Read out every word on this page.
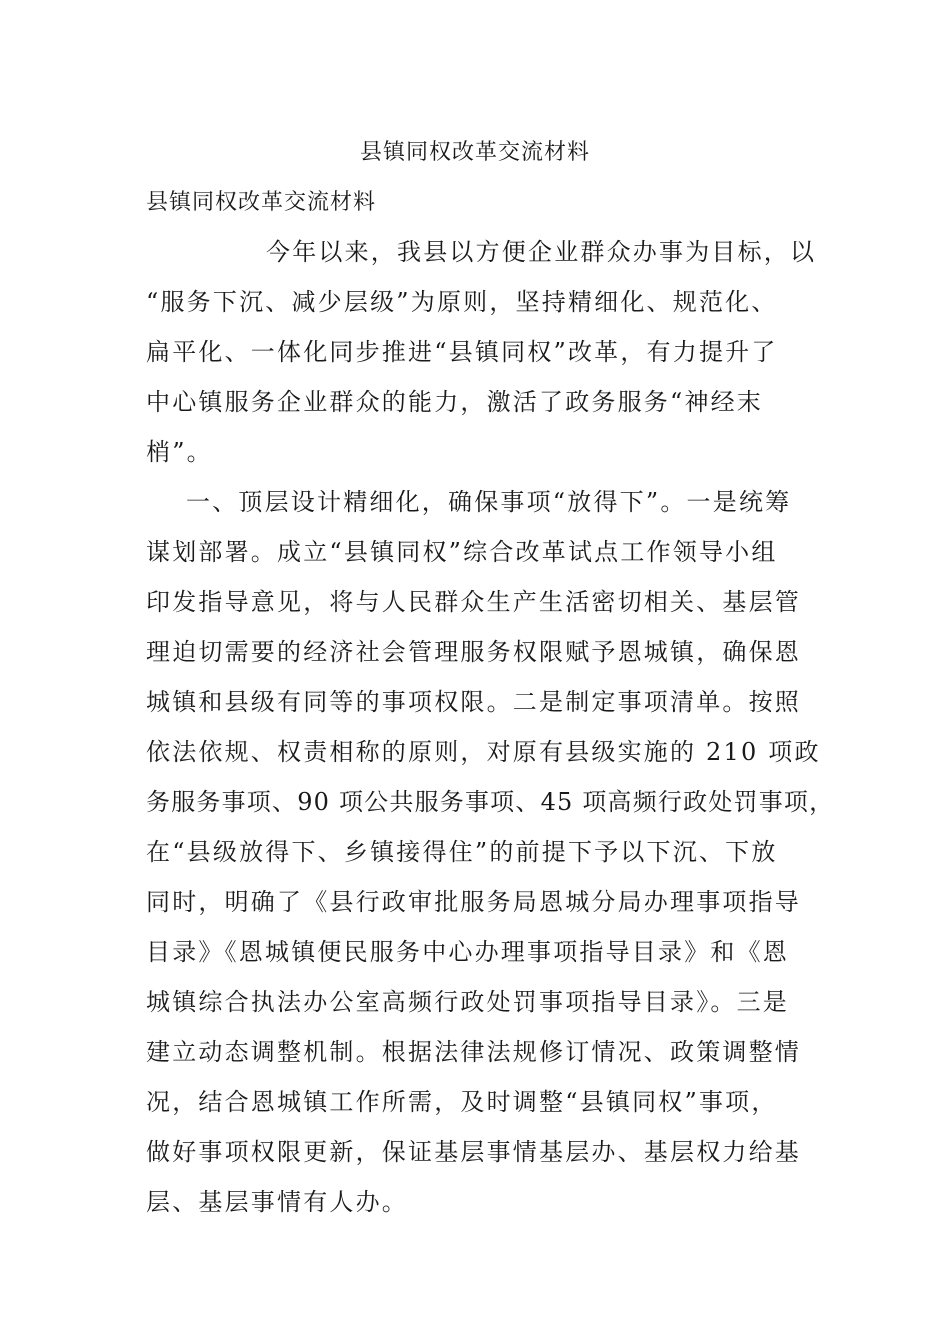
县镇同权改革交流材料
县镇同权改革交流材料
今年以来，我县以方便企业群众办事为目标，以
“服务下沉、减少层级”为原则，坚持精细化、规范化、
扁平化、一体化同步推进“县镇同权”改革，有力提升了
中心镇服务企业群众的能力，激活了政务服务“神经末
梢”。
一、顶层设计精细化，确保事项“放得下”。一是统筹
谋划部署。成立“县镇同权”综合改革试点工作领导小组
印发指导意见，将与人民群众生产生活密切相关、基层管
理迫切需要的经济社会管理服务权限赋予恩城镇，确保恩
城镇和县级有同等的事项权限。二是制定事项清单。按照
依法依规、权责相称的原则，对原有县级实施的 210 项政
务服务事项、90 项公共服务事项、45 项高频行政处罚事项，
在“县级放得下、乡镇接得住”的前提下予以下沉、下放
同时，明确了《县行政审批服务局恩城分局办理事项指导
目录》《恩城镇便民服务中心办理事项指导目录》和《恩
城镇综合执法办公室高频行政处罚事项指导目录》。三是
建立动态调整机制。根据法律法规修订情况、政策调整情
况，结合恩城镇工作所需，及时调整“县镇同权”事项，
做好事项权限更新，保证基层事情基层办、基层权力给基
层、基层事情有人办。
